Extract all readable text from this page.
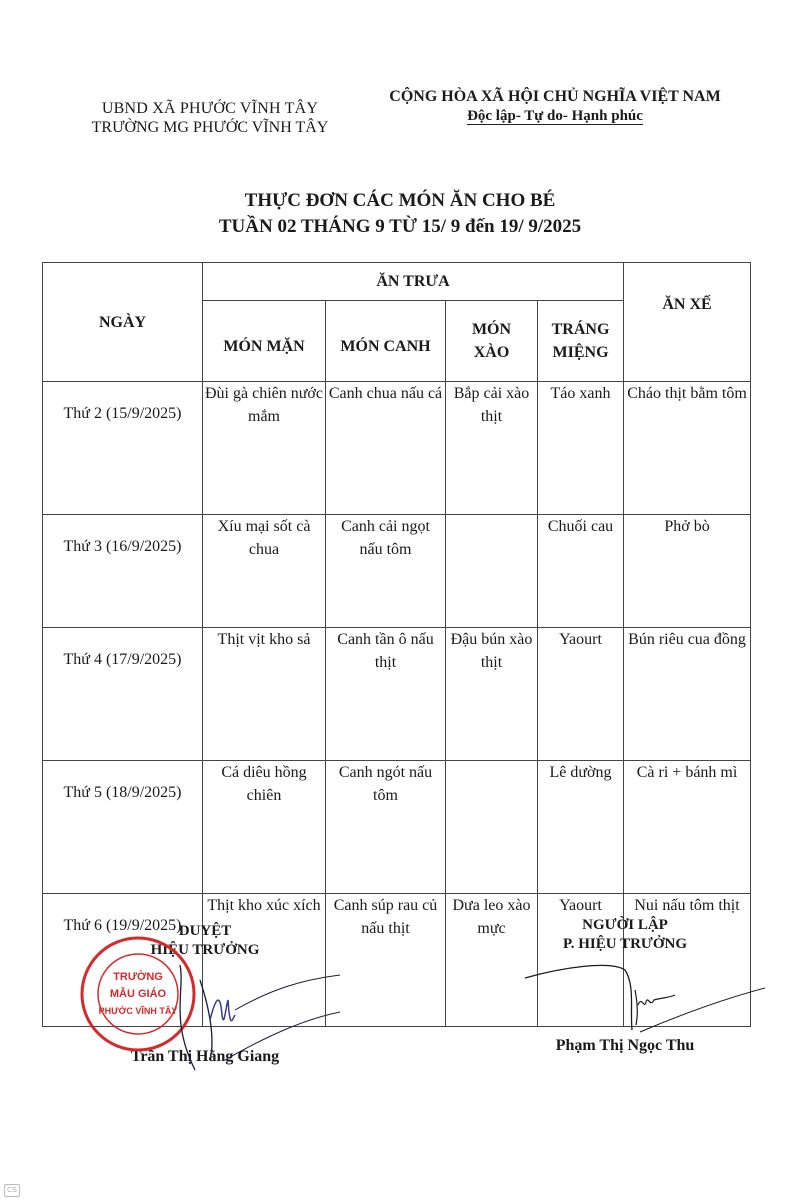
UBND XÃ PHƯỚC VĨNH TÂY
TRƯỜNG MG PHƯỚC VĨNH TÂY
CỘNG HÒA XÃ HỘI CHỦ NGHĨA VIỆT NAM
Độc lập- Tự do- Hạnh phúc
THỰC ĐƠN CÁC MÓN ĂN CHO BÉ
TUẦN 02 THÁNG 9 TỪ 15/ 9 đến 19/ 9/2025
NGÀY	ĂN TRƯA				ĂN XẾ
	MÓN MẶN	MÓN CANH	MÓN XÀO	TRÁNG MIỆNG	
Thứ 2 (15/9/2025)	Đùi gà chiên nước mắm	Canh chua nấu cá	Bắp cải xào thịt	Táo xanh	Cháo thịt bằm tôm
Thứ 3 (16/9/2025)	Xíu mại sốt cà chua	Canh cải ngọt nấu tôm		Chuối cau	Phở bò
Thứ 4 (17/9/2025)	Thịt vịt kho sả	Canh tần ô nấu thịt	Đậu bún xào thịt	Yaourt	Bún riêu cua đồng
Thứ 5 (18/9/2025)	Cá diêu hồng chiên	Canh ngót nấu tôm		Lê dường	Cà ri + bánh mì
Thứ 6 (19/9/2025)	Thịt kho xúc xích	Canh súp rau củ nấu thịt	Dưa leo xào mực	Yaourt	Nui nấu tôm thịt
DUYỆT
HIỆU TRƯỞNG
Trần Thị Hằng Giang
NGƯỜI LẬP
P. HIỆU TRƯỞNG
Phạm Thị Ngọc Thu
TRƯỜNG
MẪU GIÁO
PHƯỚC VĨNH TÂY
CS
